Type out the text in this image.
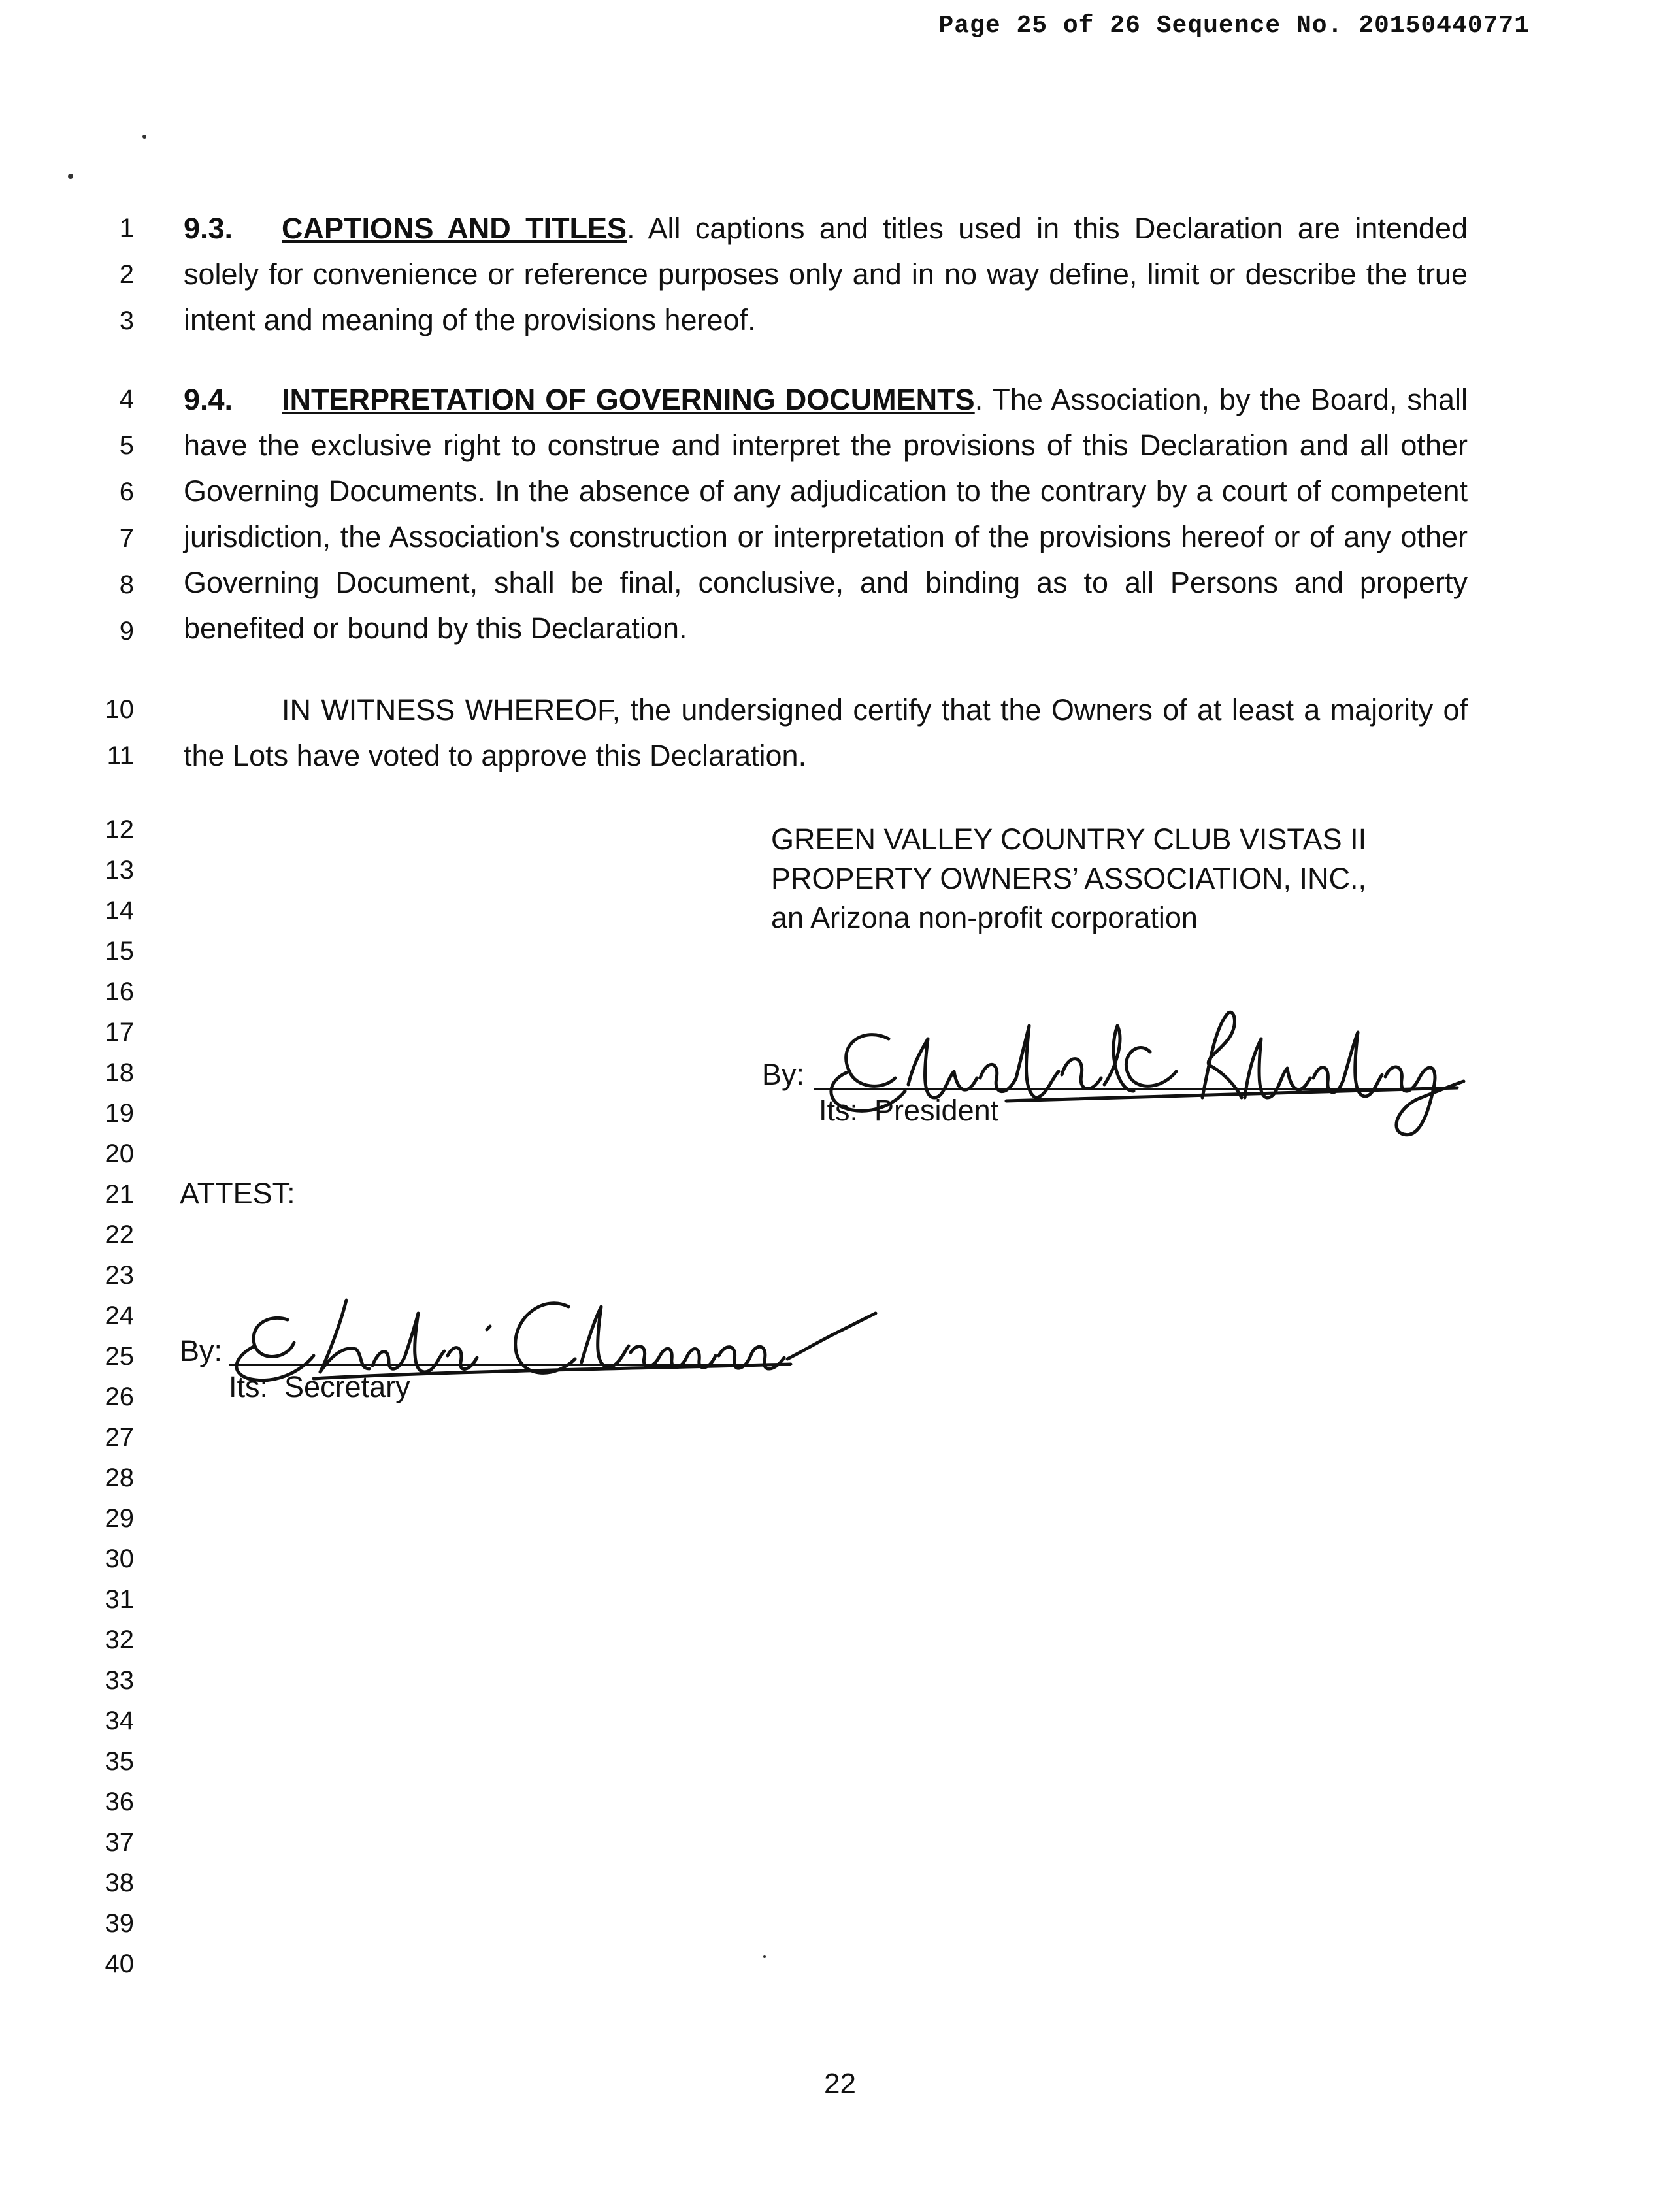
Page 25 of 26 Sequence No. 20150440771
1
2
3
4
5
6
7
8
9
10
11
12
13
14
15
16
17
18
19
20
21
22
23
24
25
26
27
28
29
30
31
32
33
34
35
36
37
38
39
40
9.3. CAPTIONS AND TITLES. All captions and titles used in this Declaration are intended solely for convenience or reference purposes only and in no way define, limit or describe the true intent and meaning of the provisions hereof.
9.4. INTERPRETATION OF GOVERNING DOCUMENTS. The Association, by the Board, shall have the exclusive right to construe and interpret the provisions of this Declaration and all other Governing Documents. In the absence of any adjudication to the contrary by a court of competent jurisdiction, the Association's construction or interpretation of the provisions hereof or of any other Governing Document, shall be final, conclusive, and binding as to all Persons and property benefited or bound by this Declaration.
IN WITNESS WHEREOF, the undersigned certify that the Owners of at least a majority of the Lots have voted to approve this Declaration.
GREEN VALLEY COUNTRY CLUB VISTAS II
PROPERTY OWNERS’ ASSOCIATION, INC.,
an Arizona non-profit corporation
By:
Its: President
ATTEST:
By:
Its: Secretary
22
